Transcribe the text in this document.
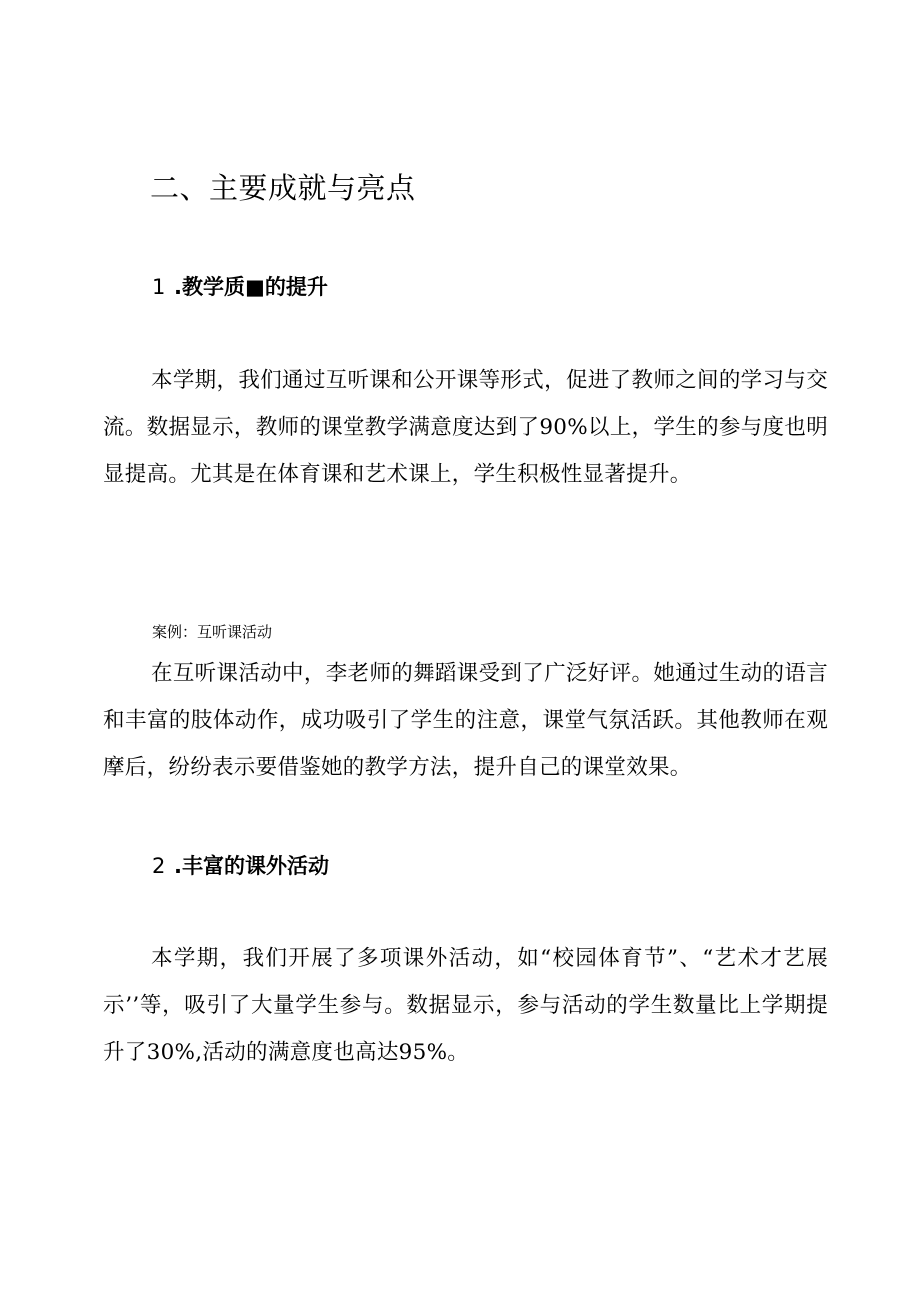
二、主要成就与亮点
1 .教学质■的提升

本学期，我们通过互听课和公开课等形式，促进了教师之间的学习与交流。数据显示，教师的课堂教学满意度达到了90%以上，学生的参与度也明显提高。尤其是在体育课和艺术课上，学生积极性显著提升。

案例：互听课活动

在互听课活动中，李老师的舞蹈课受到了广泛好评。她通过生动的语言和丰富的肢体动作，成功吸引了学生的注意，课堂气氛活跃。其他教师在观摩后，纷纷表示要借鉴她的教学方法，提升自己的课堂效果。

2 .丰富的课外活动

本学期，我们开展了多项课外活动，如“校园体育节”、“艺术才艺展示’’等，吸引了大量学生参与。数据显示，参与活动的学生数量比上学期提升了30%,活动的满意度也高达95%。
